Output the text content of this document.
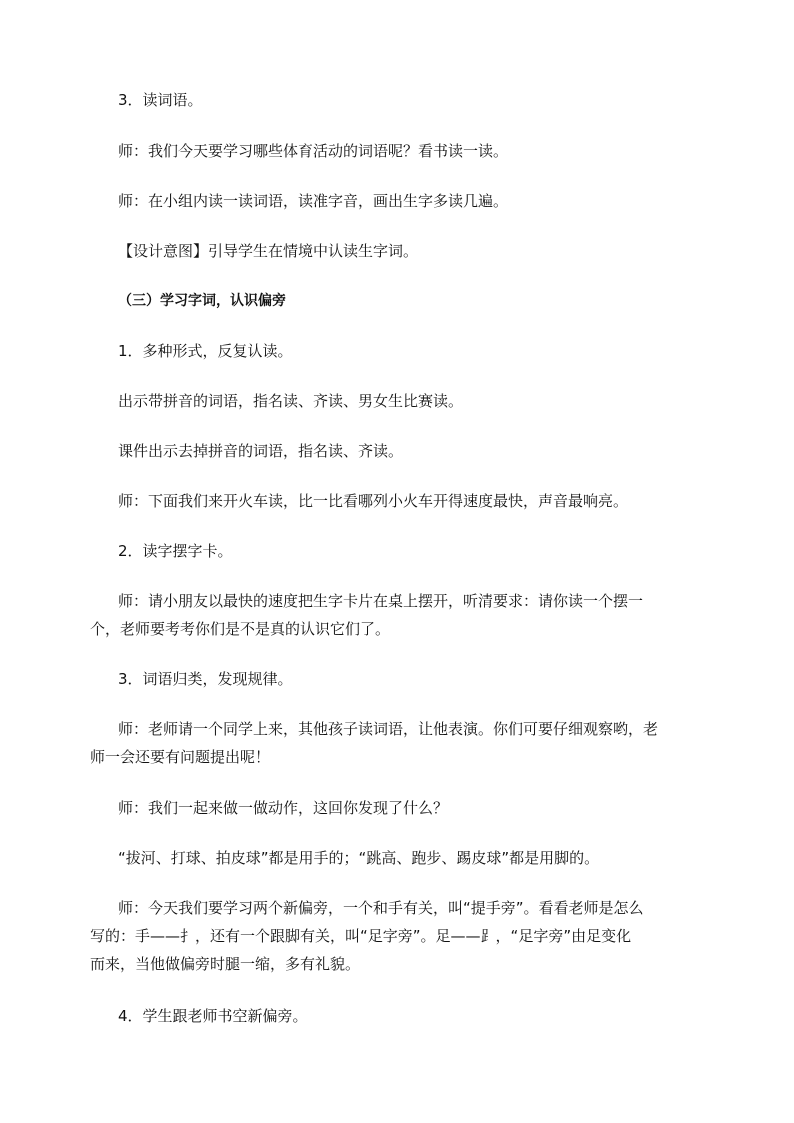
3．读词语。

师：我们今天要学习哪些体育活动的词语呢？看书读一读。

师：在小组内读一读词语，读准字音，画出生字多读几遍。

【设计意图】引导学生在情境中认读生字词。

（三）学习字词，认识偏旁

1．多种形式，反复认读。

出示带拼音的词语，指名读、齐读、男女生比赛读。

课件出示去掉拼音的词语，指名读、齐读。

师：下面我们来开火车读，比一比看哪列小火车开得速度最快，声音最响亮。

2．读字摆字卡。

师：请小朋友以最快的速度把生字卡片在桌上摆开，听清要求：请你读一个摆一

个，老师要考考你们是不是真的认识它们了。

3．词语归类，发现规律。

师：老师请一个同学上来，其他孩子读词语，让他表演。你们可要仔细观察哟，老

师一会还要有问题提出呢！

师：我们一起来做一做动作，这回你发现了什么？

“拔河、打球、拍皮球”都是用手的；“跳高、跑步、踢皮球”都是用脚的。

师：今天我们要学习两个新偏旁，一个和手有关，叫“提手旁”。看看老师是怎么

写的：手——扌，还有一个跟脚有关，叫“足字旁”。足——⻊，“足字旁”由足变化

而来，当他做偏旁时腿一缩，多有礼貌。

4．学生跟老师书空新偏旁。
